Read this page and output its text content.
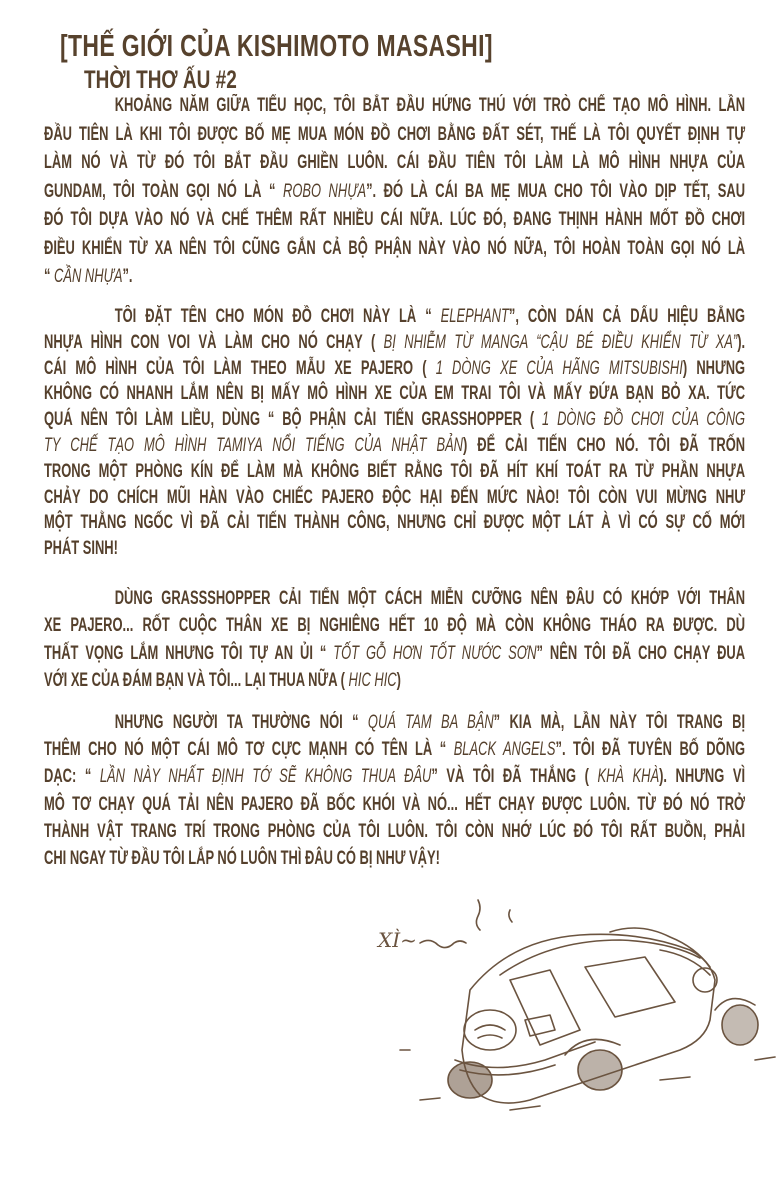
[THẾ GIỚI CỦA KISHIMOTO MASASHI]
THỜI THƠ ẤU #2
KHOẢNG NĂM GIỮA TIỂU HỌC, TÔI BẮT ĐẦU HỨNG THÚ VỚI TRÒ CHẾ TẠO MÔ HÌNH. LẦN
ĐẦU TIÊN LÀ KHI TÔI ĐƯỢC BỐ MẸ MUA MÓN ĐỒ CHƠI BẰNG ĐẤT SÉT, THẾ LÀ TÔI QUYẾT ĐỊNH TỰ
LÀM NÓ VÀ TỪ ĐÓ TÔI BẮT ĐẦU GHIỀN LUÔN. CÁI ĐẦU TIÊN TÔI LÀM LÀ MÔ HÌNH NHỰA CỦA
GUNDAM, TÔI TOÀN GỌI NÓ LÀ “ ROBO NHỰA”. ĐÓ LÀ CÁI BA MẸ MUA CHO TÔI VÀO DỊP TẾT, SAU
ĐÓ TÔI DỰA VÀO NÓ VÀ CHẾ THÊM RẤT NHIỀU CÁI NỮA. LÚC ĐÓ, ĐANG THỊNH HÀNH MỐT ĐỒ CHƠI
ĐIỀU KHIỂN TỪ XA NÊN TÔI CŨNG GẮN CẢ BỘ PHẬN NÀY VÀO NÓ NỮA, TÔI HOÀN TOÀN GỌI NÓ LÀ
“ CẦN NHỰA”.
TÔI ĐẶT TÊN CHO MÓN ĐỒ CHƠI NÀY LÀ “ ELEPHANT”, CÒN DÁN CẢ DẤU HIỆU BẰNG
NHỰA HÌNH CON VOI VÀ LÀM CHO NÓ CHẠY ( BỊ NHIỄM TỪ MANGA “CẬU BÉ ĐIỀU KHIỂN TỪ XA”).
CÁI MÔ HÌNH CỦA TÔI LÀM THEO MẪU XE PAJERO ( 1 DÒNG XE CỦA HÃNG MITSUBISHI) NHƯNG
KHÔNG CÓ NHANH LẮM NÊN BỊ MẤY MÔ HÌNH XE CỦA EM TRAI TÔI VÀ MẤY ĐỨA BẠN BỎ XA. TỨC
QUÁ NÊN TÔI LÀM LIỀU, DÙNG “ BỘ PHẬN CẢI TIẾN GRASSHOPPER ( 1 DÒNG ĐỒ CHƠI CỦA CÔNG
TY CHẾ TẠO MÔ HÌNH TAMIYA NỔI TIẾNG CỦA NHẬT BẢN) ĐỂ CẢI TIẾN CHO NÓ. TÔI ĐÃ TRỐN
TRONG MỘT PHÒNG KÍN ĐỂ LÀM MÀ KHÔNG BIẾT RẰNG TÔI ĐÃ HÍT KHÍ TOÁT RA TỪ PHẦN NHỰA
CHẢY DO CHÍCH MŨI HÀN VÀO CHIẾC PAJERO ĐỘC HẠI ĐẾN MỨC NÀO! TÔI CÒN VUI MỪNG NHƯ
MỘT THẰNG NGỐC VÌ ĐÃ CẢI TIẾN THÀNH CÔNG, NHƯNG CHỈ ĐƯỢC MỘT LÁT À VÌ CÓ SỰ CỐ MỚI
PHÁT SINH!
DÙNG GRASSSHOPPER CẢI TIẾN MỘT CÁCH MIỄN CƯỠNG NÊN ĐÂU CÓ KHỚP VỚI THÂN
XE PAJERO... RỐT CUỘC THÂN XE BỊ NGHIÊNG HẾT 10 ĐỘ MÀ CÒN KHÔNG THÁO RA ĐƯỢC. DÙ
THẤT VỌNG LẮM NHƯNG TÔI TỰ AN ỦI “ TỐT GỖ HƠN TỐT NƯỚC SƠN” NÊN TÔI ĐÃ CHO CHẠY ĐUA
VỚI XE CỦA ĐÁM BẠN VÀ TÔI... LẠI THUA NỮA ( HIC HIC)
NHƯNG NGƯỜI TA THƯỜNG NÓI “ QUÁ TAM BA BẬN” KIA MÀ, LẦN NÀY TÔI TRANG BỊ
THÊM CHO NÓ MỘT CÁI MÔ TƠ CỰC MẠNH CÓ TÊN LÀ “ BLACK ANGELS”. TÔI ĐÃ TUYÊN BỐ DÕNG
DẠC: “ LẦN NÀY NHẤT ĐỊNH TỚ SẼ KHÔNG THUA ĐÂU” VÀ TÔI ĐÃ THẮNG ( KHÀ KHÀ). NHƯNG VÌ
MÔ TƠ CHẠY QUÁ TẢI NÊN PAJERO ĐÃ BỐC KHÓI VÀ NÓ... HẾT CHẠY ĐƯỢC LUÔN. TỪ ĐÓ NÓ TRỞ
THÀNH VẬT TRANG TRÍ TRONG PHÒNG CỦA TÔI LUÔN. TÔI CÒN NHỚ LÚC ĐÓ TÔI RẤT BUỒN, PHẢI
CHI NGAY TỪ ĐẦU TÔI LẮP NÓ LUÔN THÌ ĐÂU CÓ BỊ NHƯ VẬY!
XÌ~
